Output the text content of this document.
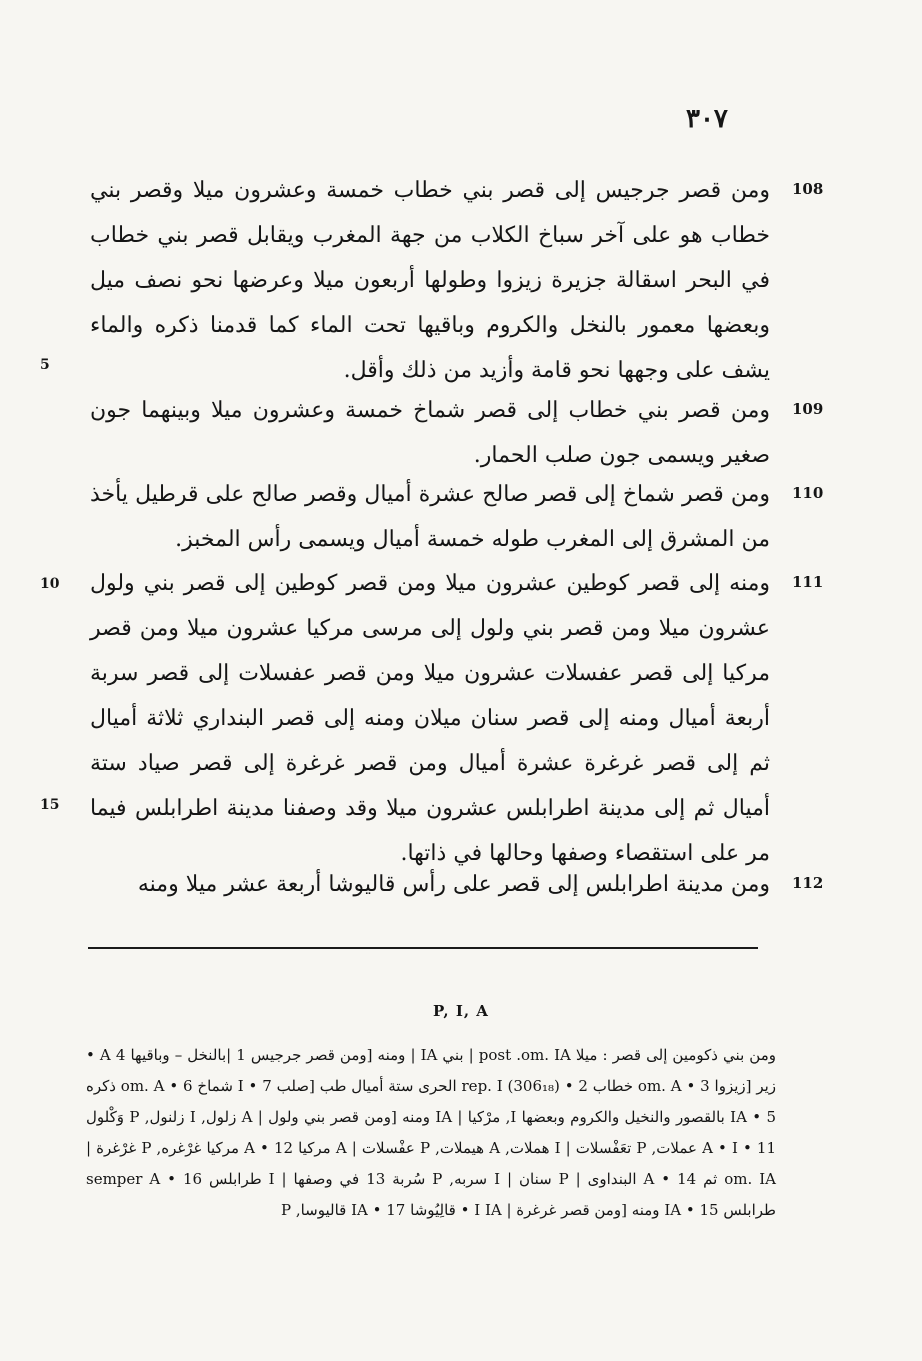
٣٠٧
108
ومن قصر جرجيس إلى قصر بني خطاب خمسة وعشرون ميلا وقصر بني خطاب هو على آخر سباخ الكلاب من جهة المغرب ويقابل قصر بني خطاب في البحر اسقالة جزيرة زيزوا وطولها أربعون ميلا وعرضها نحو نصف ميل وبعضها معمور بالنخل والكروم وباقيها تحت الماء كما قدمنا ذكره والماء يشف على وجهها نحو قامة وأزيد من ذلك وأقل.
5
109
ومن قصر بني خطاب إلى قصر شماخ خمسة وعشرون ميلا وبينهما جون صغير ويسمى جون صلب الحمار.
110
ومن قصر شماخ إلى قصر صالح عشرة أميال وقصر صالح على قرطيل يأخذ من المشرق إلى المغرب طوله خمسة أميال ويسمى رأس المخبز.
111
ومنه إلى قصر كوطين عشرون ميلا ومن قصر كوطين إلى قصر بني ولول عشرون ميلا ومن قصر بني ولول إلى مرسى مركيا عشرون ميلا ومن قصر مركيا إلى قصر عفسلات عشرون ميلا ومن قصر عفسلات إلى قصر سربة أربعة أميال ومنه إلى قصر سنان ميلان ومنه إلى قصر البنداري ثلاثة أميال ثم إلى قصر غرغرة عشرة أميال ومن قصر غرغرة إلى قصر صياد ستة أميال ثم إلى مدينة اطرابلس عشرون ميلا وقد وصفنا مدينة اطرابلس فيما مر على استقصاء وصفها وحالها في ذاتها.
10
15
112
ومن مدينة اطرابلس إلى قصر على رأس قاليوشا أربعة عشر ميلا ومنه
P, I, A
ومن بني ذكومين إلى قصر : ميلا post .om. IA | بني IA | ومنه [ومن قصر جرجيس 1 |بالنخل – وباقيها 4 A • زير [زيزوا 3 • om. A خطاب 2 • (rep. I (306₁₈ الحرى ستة أميال طب [صلب 7 • I شماخ 6 • om. A ذكره 5 • IA بالقصور والنخيل والكروم وبعضها I, مرْكيا | IA ومنه [ومن قصر بني ولول | A زلول, I زلنول, P وَكْلول 11 • A • I عملات, P تعَفْسلات | I هملات, A هيملات, P عفْسلات | A مركيا 12 • A مركيا غرْغره, P غرْغرة | om. IA ثم 14 • A البنداوى | P سنان | I سربه, P سُربة 13 في وصفها | I طرابلس 16 • semper A طرابلس 15 • IA ومنه [ومن قصر غرغرة | I IA • قالِيُوشا 17 • IA قاليوسا, P
